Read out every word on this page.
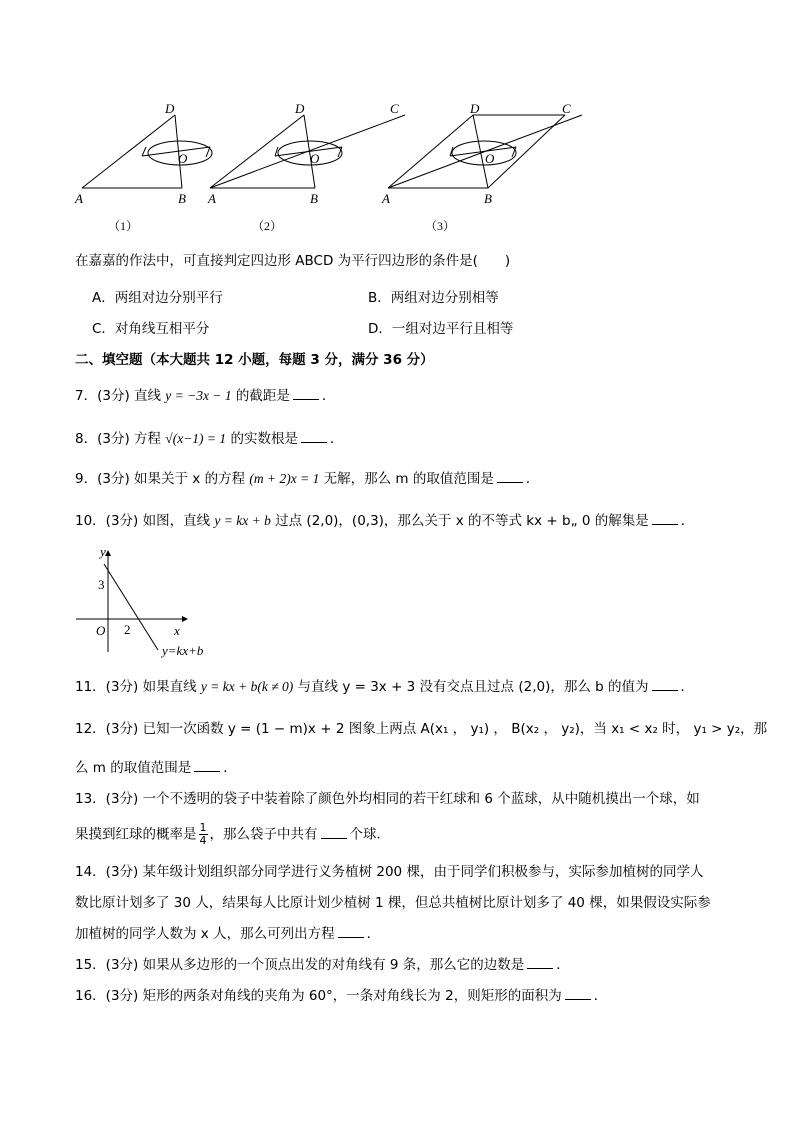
D
O
A	B
（1）
D	C
O
A	B
（2）
D	C
O
A	B
（3）
在嘉嘉的作法中，可直接判定四边形 ABCD 为平行四边形的条件是(　　)
A．两组对边分别平行	B．两组对边分别相等
C．对角线互相平分	D．一组对边平行且相等
二、填空题（本大题共 12 小题，每题 3 分，满分 36 分）
7．(3分) 直线 y = −3x − 1 的截距是 ．
8．(3分) 方程 √(x−1) = 1 的实数根是 ．
9．(3分) 如果关于 x 的方程 (m + 2)x = 1 无解，那么 m 的取值范围是 ．
10．(3分) 如图，直线 y = kx + b 过点 (2,0)，(0,3)，那么关于 x 的不等式 kx + b„ 0 的解集是 ．
y
x
O 2
3
y=kx+b
11．(3分) 如果直线 y = kx + b(k ≠ 0) 与直线 y = 3x + 3 没有交点且过点 (2,0)，那么 b 的值为 ．
12．(3分) 已知一次函数 y = (1 − m)x + 2 图象上两点 A(x₁ ， y₁) ， B(x₂ ， y₂)，当 x₁ < x₂ 时， y₁ > y₂，那
么 m 的取值范围是 ．
13．(3分) 一个不透明的袋子中装着除了颜色外均相同的若干红球和 6 个蓝球，从中随机摸出一个球，如
果摸到红球的概率是 $\frac{1}{4}$ ，那么袋子中共有 个球．
14．(3分) 某年级计划组织部分同学进行义务植树 200 棵，由于同学们积极参与，实际参加植树的同学人
数比原计划多了 30 人，结果每人比原计划少植树 1 棵，但总共植树比原计划多了 40 棵，如果假设实际参
加植树的同学人数为 x 人，那么可列出方程 ．
15．(3分) 如果从多边形的一个顶点出发的对角线有 9 条，那么它的边数是 ．
16．(3分) 矩形的两条对角线的夹角为 60°，一条对角线长为 2，则矩形的面积为 ．
